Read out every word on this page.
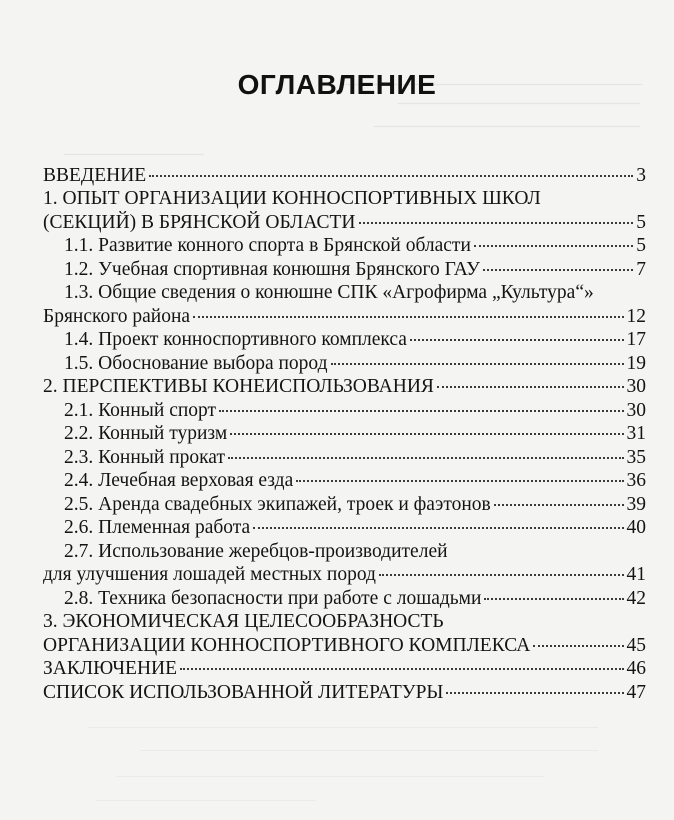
ОГЛАВЛЕНИЕ
ВВЕДЕНИЕ	3
1. ОПЫТ ОРГАНИЗАЦИИ КОННОСПОРТИВНЫХ ШКОЛ
(СЕКЦИЙ) В БРЯНСКОЙ ОБЛАСТИ	5
1.1. Развитие конного спорта в Брянской области	5
1.2. Учебная спортивная конюшня Брянского ГАУ	7
1.3. Общие сведения о конюшне СПК «Агрофирма „Культура“»
Брянского района	12
1.4. Проект конноспортивного комплекса	17
1.5. Обоснование выбора пород	19
2. ПЕРСПЕКТИВЫ КОНЕИСПОЛЬЗОВАНИЯ	30
2.1. Конный спорт	30
2.2. Конный туризм	31
2.3. Конный прокат	35
2.4. Лечебная верховая езда	36
2.5. Аренда свадебных экипажей, троек и фаэтонов	39
2.6. Племенная работа	40
2.7. Использование жеребцов-производителей
для улучшения лошадей местных пород	41
2.8. Техника безопасности при работе с лошадьми	42
3. ЭКОНОМИЧЕСКАЯ ЦЕЛЕСООБРАЗНОСТЬ
ОРГАНИЗАЦИИ КОННОСПОРТИВНОГО КОМПЛЕКСА	45
ЗАКЛЮЧЕНИЕ	46
СПИСОК ИСПОЛЬЗОВАННОЙ ЛИТЕРАТУРЫ	47
